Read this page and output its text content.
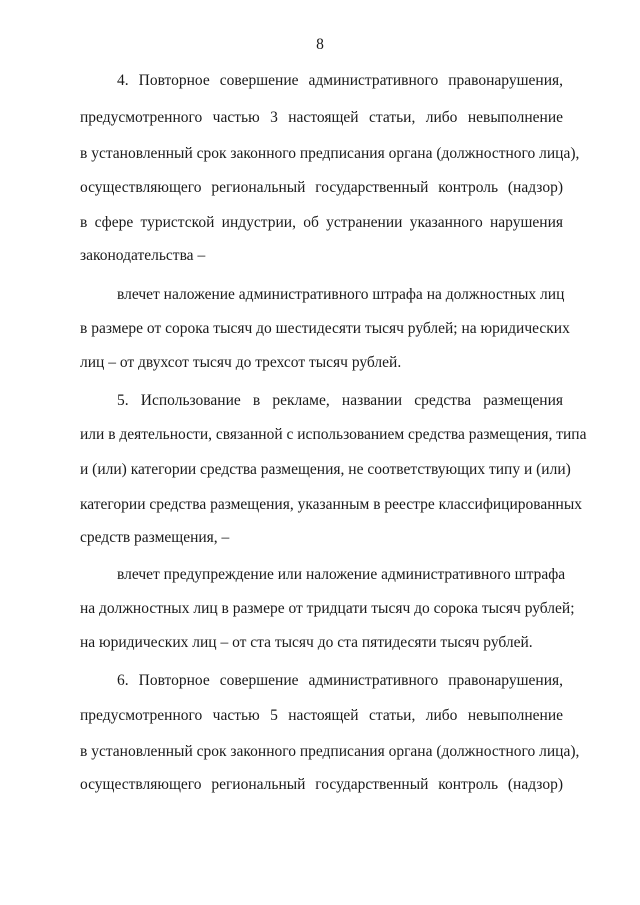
8
4. Повторное совершение административного правонарушения,
предусмотренного частью 3 настоящей статьи, либо невыполнение
в установленный срок законного предписания органа (должностного лица),
осуществляющего региональный государственный контроль (надзор)
в сфере туристской индустрии, об устранении указанного нарушения
законодательства –
влечет наложение административного штрафа на должностных лиц
в размере от сорока тысяч до шестидесяти тысяч рублей; на юридических
лиц – от двухсот тысяч до трехсот тысяч рублей.
5. Использование в рекламе, названии средства размещения
или в деятельности, связанной с использованием средства размещения, типа
и (или) категории средства размещения, не соответствующих типу и (или)
категории средства размещения, указанным в реестре классифицированных
средств размещения, –
влечет предупреждение или наложение административного штрафа
на должностных лиц в размере от тридцати тысяч до сорока тысяч рублей;
на юридических лиц – от ста тысяч до ста пятидесяти тысяч рублей.
6. Повторное совершение административного правонарушения,
предусмотренного частью 5 настоящей статьи, либо невыполнение
в установленный срок законного предписания органа (должностного лица),
осуществляющего региональный государственный контроль (надзор)
